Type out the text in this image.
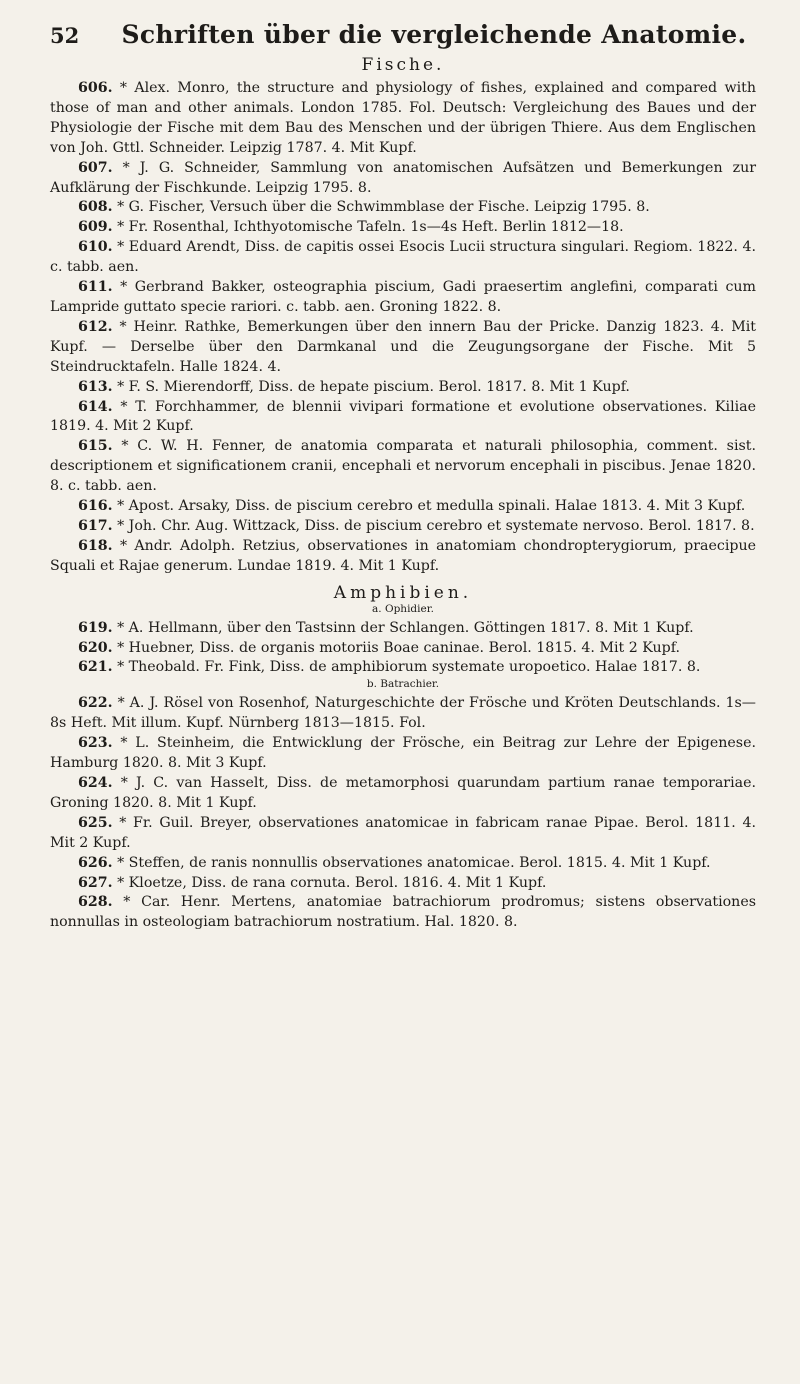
52	Schriften über die vergleichende Anatomie.
Fische.

606. * Alex. Monro, the structure and physiology of fishes, explained and compared with those of man and other animals. London 1785. Fol. Deutsch: Vergleichung des Baues und der Physiologie der Fische mit dem Bau des Menschen und der übrigen Thiere. Aus dem Englischen von Joh. Gttl. Schneider. Leipzig 1787. 4. Mit Kupf.

607. * J. G. Schneider, Sammlung von anatomischen Aufsätzen und Bemerkungen zur Aufklärung der Fischkunde. Leipzig 1795. 8.

608. * G. Fischer, Versuch über die Schwimmblase der Fische. Leipzig 1795. 8.

609. * Fr. Rosenthal, Ichthyotomische Tafeln. 1s—4s Heft. Berlin 1812—18.

610. * Eduard Arendt, Diss. de capitis ossei Esocis Lucii structura singulari. Regiom. 1822. 4. c. tabb. aen.

611. * Gerbrand Bakker, osteographia piscium, Gadi praesertim anglefini, comparati cum Lampride guttato specie rariori. c. tabb. aen. Groning 1822. 8.

612. * Heinr. Rathke, Bemerkungen über den innern Bau der Pricke. Danzig 1823. 4. Mit Kupf. — Derselbe über den Darmkanal und die Zeugungsorgane der Fische. Mit 5 Steindrucktafeln. Halle 1824. 4.

613. * F. S. Mierendorff, Diss. de hepate piscium. Berol. 1817. 8. Mit 1 Kupf.

614. * T. Forchhammer, de blennii vivipari formatione et evolutione observationes. Kiliae 1819. 4. Mit 2 Kupf.

615. * C. W. H. Fenner, de anatomia comparata et naturali philosophia, comment. sist. descriptionem et significationem cranii, encephali et nervorum encephali in piscibus. Jenae 1820. 8. c. tabb. aen.

616. * Apost. Arsaky, Diss. de piscium cerebro et medulla spinali. Halae 1813. 4. Mit 3 Kupf.

617. * Joh. Chr. Aug. Wittzack, Diss. de piscium cerebro et systemate nervoso. Berol. 1817. 8.

618. * Andr. Adolph. Retzius, observationes in anatomiam chondropterygiorum, praecipue Squali et Rajae generum. Lundae 1819. 4. Mit 1 Kupf.

Amphibien.
a. Ophidier.

619. * A. Hellmann, über den Tastsinn der Schlangen. Göttingen 1817. 8. Mit 1 Kupf.

620. * Huebner, Diss. de organis motoriis Boae caninae. Berol. 1815. 4. Mit 2 Kupf.

621. * Theobald. Fr. Fink, Diss. de amphibiorum systemate uropoetico. Halae 1817. 8.

b. Batrachier.

622. * A. J. Rösel von Rosenhof, Naturgeschichte der Frösche und Kröten Deutschlands. 1s—8s Heft. Mit illum. Kupf. Nürnberg 1813—1815. Fol.

623. * L. Steinheim, die Entwicklung der Frösche, ein Beitrag zur Lehre der Epigenese. Hamburg 1820. 8. Mit 3 Kupf.

624. * J. C. van Hasselt, Diss. de metamorphosi quarundam partium ranae temporariae. Groning 1820. 8. Mit 1 Kupf.

625. * Fr. Guil. Breyer, observationes anatomicae in fabricam ranae Pipae. Berol. 1811. 4. Mit 2 Kupf.

626. * Steffen, de ranis nonnullis observationes anatomicae. Berol. 1815. 4. Mit 1 Kupf.

627. * Kloetze, Diss. de rana cornuta. Berol. 1816. 4. Mit 1 Kupf.

628. * Car. Henr. Mertens, anatomiae batrachiorum prodromus; sistens observationes nonnullas in osteologiam batrachiorum nostratium. Hal. 1820. 8.
